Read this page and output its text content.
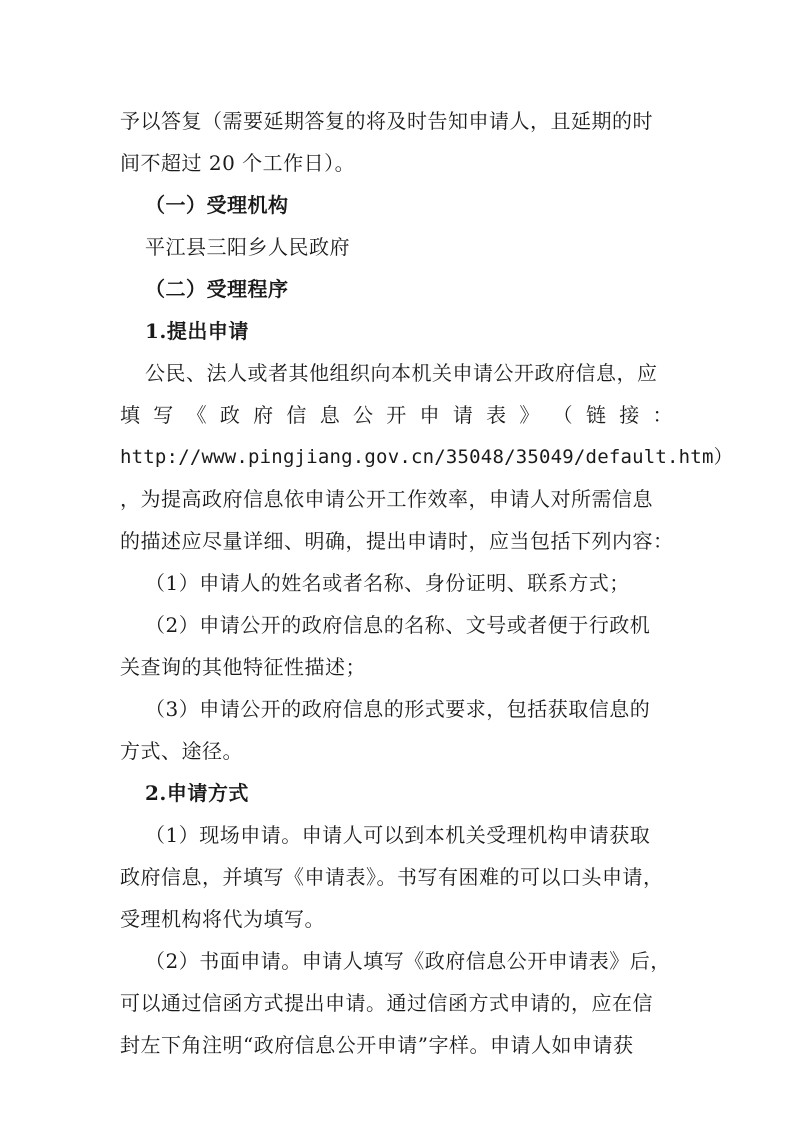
予以答复（需要延期答复的将及时告知申请人，且延期的时
间不超过 20 个工作日）。
（一）受理机构
平江县三阳乡人民政府
（二）受理程序
1.提出申请
公民、法人或者其他组织向本机关申请公开政府信息，应
填 写 《 政 府 信 息 公 开 申 请 表 》 （ 链 接 ：
http://www.pingjiang.gov.cn/35048/35049/default.htm）
，为提高政府信息依申请公开工作效率，申请人对所需信息
的描述应尽量详细、明确，提出申请时，应当包括下列内容：
（1）申请人的姓名或者名称、身份证明、联系方式；
（2）申请公开的政府信息的名称、文号或者便于行政机
关查询的其他特征性描述；
（3）申请公开的政府信息的形式要求，包括获取信息的
方式、途径。
2.申请方式
（1）现场申请。申请人可以到本机关受理机构申请获取
政府信息，并填写《申请表》。书写有困难的可以口头申请，
受理机构将代为填写。
（2）书面申请。申请人填写《政府信息公开申请表》后，
可以通过信函方式提出申请。通过信函方式申请的，应在信
封左下角注明“政府信息公开申请”字样。申请人如申请获
